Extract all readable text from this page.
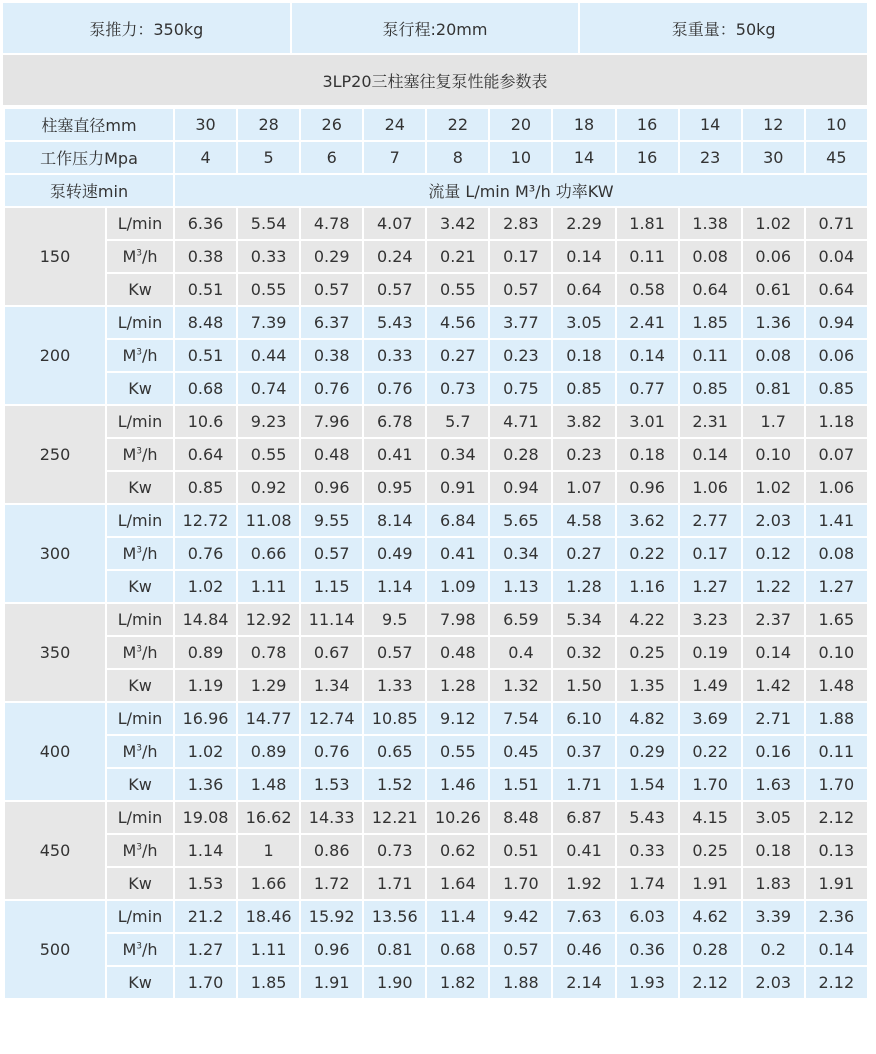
泵推力：350kg	泵行程:20mm	泵重量：50kg
3LP20三柱塞往复泵性能参数表
柱塞直径mm		30	28	26	24	22	20	18	16	14	12	10
工作压力Mpa		4	5	6	7	8	10	14	16	23	30	45
泵转速min		流量 L/min M³/h 功率KW										
150	L/min	6.36	5.54	4.78	4.07	3.42	2.83	2.29	1.81	1.38	1.02	0.71
	$M^3/h$	0.38	0.33	0.29	0.24	0.21	0.17	0.14	0.11	0.08	0.06	0.04
	Kw	0.51	0.55	0.57	0.57	0.55	0.57	0.64	0.58	0.64	0.61	0.64
200	L/min	8.48	7.39	6.37	5.43	4.56	3.77	3.05	2.41	1.85	1.36	0.94
	$M^3/h$	0.51	0.44	0.38	0.33	0.27	0.23	0.18	0.14	0.11	0.08	0.06
	Kw	0.68	0.74	0.76	0.76	0.73	0.75	0.85	0.77	0.85	0.81	0.85
250	L/min	10.6	9.23	7.96	6.78	5.7	4.71	3.82	3.01	2.31	1.7	1.18
	$M^3/h$	0.64	0.55	0.48	0.41	0.34	0.28	0.23	0.18	0.14	0.10	0.07
	Kw	0.85	0.92	0.96	0.95	0.91	0.94	1.07	0.96	1.06	1.02	1.06
300	L/min	12.72	11.08	9.55	8.14	6.84	5.65	4.58	3.62	2.77	2.03	1.41
	$M^3/h$	0.76	0.66	0.57	0.49	0.41	0.34	0.27	0.22	0.17	0.12	0.08
	Kw	1.02	1.11	1.15	1.14	1.09	1.13	1.28	1.16	1.27	1.22	1.27
350	L/min	14.84	12.92	11.14	9.5	7.98	6.59	5.34	4.22	3.23	2.37	1.65
	$M^3/h$	0.89	0.78	0.67	0.57	0.48	0.4	0.32	0.25	0.19	0.14	0.10
	Kw	1.19	1.29	1.34	1.33	1.28	1.32	1.50	1.35	1.49	1.42	1.48
400	L/min	16.96	14.77	12.74	10.85	9.12	7.54	6.10	4.82	3.69	2.71	1.88
	$M^3/h$	1.02	0.89	0.76	0.65	0.55	0.45	0.37	0.29	0.22	0.16	0.11
	Kw	1.36	1.48	1.53	1.52	1.46	1.51	1.71	1.54	1.70	1.63	1.70
450	L/min	19.08	16.62	14.33	12.21	10.26	8.48	6.87	5.43	4.15	3.05	2.12
	$M^3/h$	1.14	1	0.86	0.73	0.62	0.51	0.41	0.33	0.25	0.18	0.13
	Kw	1.53	1.66	1.72	1.71	1.64	1.70	1.92	1.74	1.91	1.83	1.91
500	L/min	21.2	18.46	15.92	13.56	11.4	9.42	7.63	6.03	4.62	3.39	2.36
	$M^3/h$	1.27	1.11	0.96	0.81	0.68	0.57	0.46	0.36	0.28	0.2	0.14
	Kw	1.70	1.85	1.91	1.90	1.82	1.88	2.14	1.93	2.12	2.03	2.12
